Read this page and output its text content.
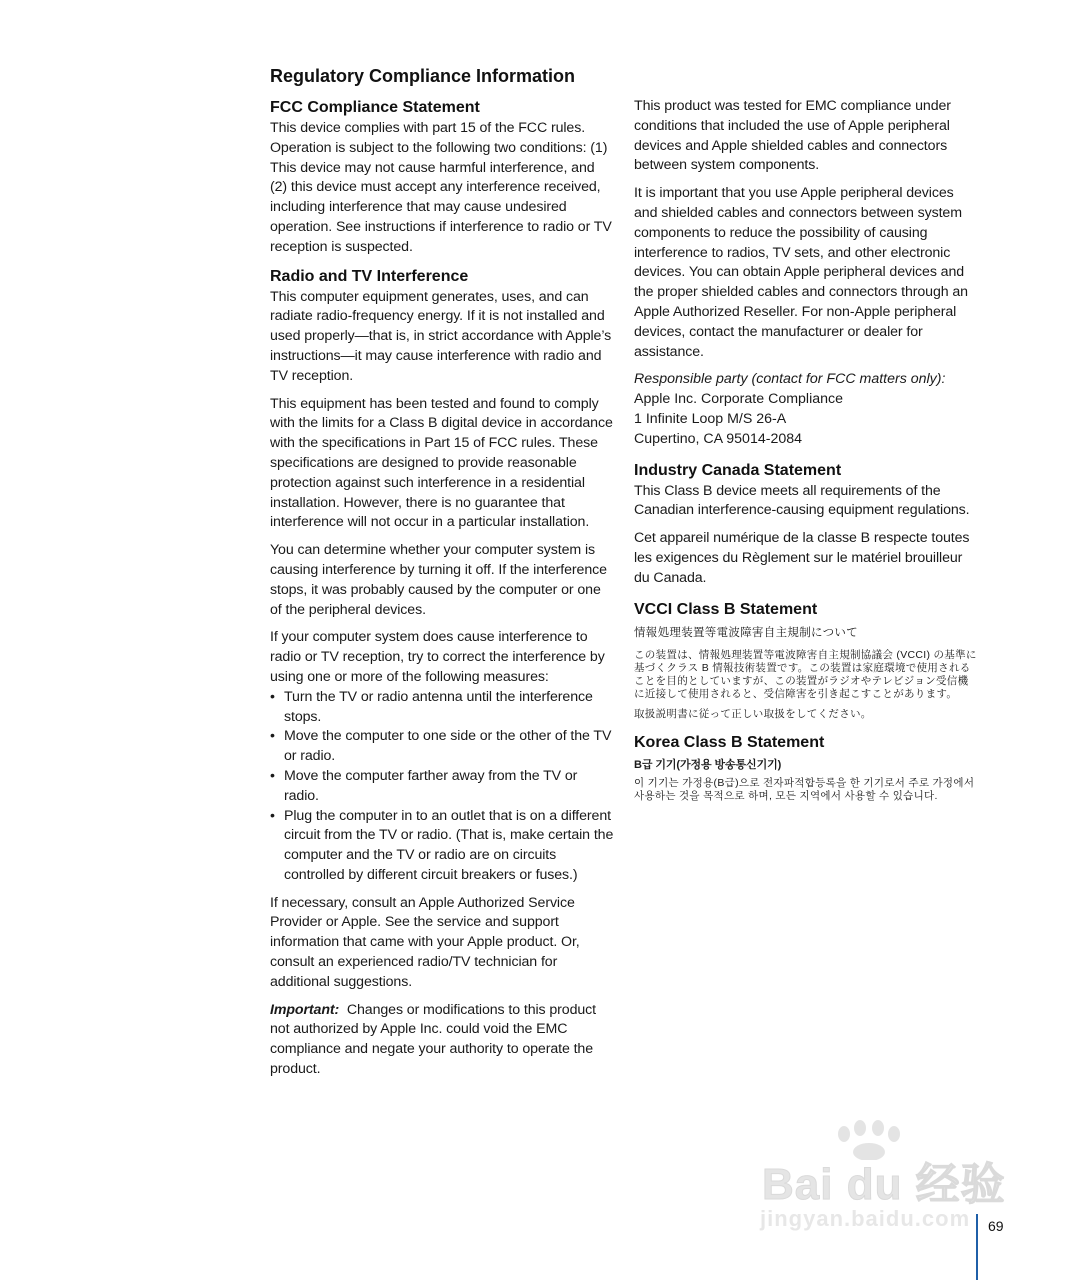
Regulatory Compliance Information
FCC Compliance Statement

This device complies with part 15 of the FCC rules. Operation is subject to the following two conditions: (1) This device may not cause harmful interference, and (2) this device must accept any interference received, including interference that may cause undesired operation. See instructions if interference to radio or TV reception is suspected.

Radio and TV Interference

This computer equipment generates, uses, and can radiate radio-frequency energy. If it is not installed and used properly—that is, in strict accordance with Apple’s instructions—it may cause interference with radio and TV reception.

This equipment has been tested and found to comply with the limits for a Class B digital device in accordance with the specifications in Part 15 of FCC rules. These specifications are designed to provide reasonable protection against such interference in a residential installation. However, there is no guarantee that interference will not occur in a particular installation.

You can determine whether your computer system is causing interference by turning it off. If the interference stops, it was probably caused by the computer or one of the peripheral devices.

If your computer system does cause interference to radio or TV reception, try to correct the interference by using one or more of the following measures:

• Turn the TV or radio antenna until the interference stops.
• Move the computer to one side or the other of the TV or radio.
• Move the computer farther away from the TV or radio.
• Plug the computer in to an outlet that is on a different circuit from the TV or radio. (That is, make certain the computer and the TV or radio are on circuits controlled by different circuit breakers or fuses.)

If necessary, consult an Apple Authorized Service Provider or Apple. See the service and support information that came with your Apple product. Or, consult an experienced radio/TV technician for additional suggestions.

Important: Changes or modifications to this product not authorized by Apple Inc. could void the EMC compliance and negate your authority to operate the product.

This product was tested for EMC compliance under conditions that included the use of Apple peripheral devices and Apple shielded cables and connectors between system components.

It is important that you use Apple peripheral devices and shielded cables and connectors between system components to reduce the possibility of causing interference to radios, TV sets, and other electronic devices. You can obtain Apple peripheral devices and the proper shielded cables and connectors through an Apple Authorized Reseller. For non-Apple peripheral devices, contact the manufacturer or dealer for assistance.

Responsible party (contact for FCC matters only):
Apple Inc. Corporate Compliance
1 Infinite Loop M/S 26-A
Cupertino, CA 95014-2084
Industry Canada Statement

This Class B device meets all requirements of the Canadian interference-causing equipment regulations.

Cet appareil numérique de la classe B respecte toutes les exigences du Règlement sur le matériel brouilleur du Canada.

VCCI Class B Statement

情報処理装置等電波障害自主規制について

この装置は、情報処理装置等電波障害自主規制協議会 (VCCI) の基準に基づくクラス B 情報技術装置です。この装置は家庭環境で使用されることを目的としていますが、この装置がラジオやテレビジョン受信機に近接して使用されると、受信障害を引き起こすことがあります。

取扱説明書に従って正しい取扱をしてください。

Korea Class B Statement

B급 기기(가정용 방송통신기기)

이 기기는 가정용(B급)으로 전자파적합등록을 한 기기로서 주로 가정에서 사용하는 것을 목적으로 하며, 모든 지역에서 사용할 수 있습니다.

Bai du 经验
jingyan.baidu.com 69
